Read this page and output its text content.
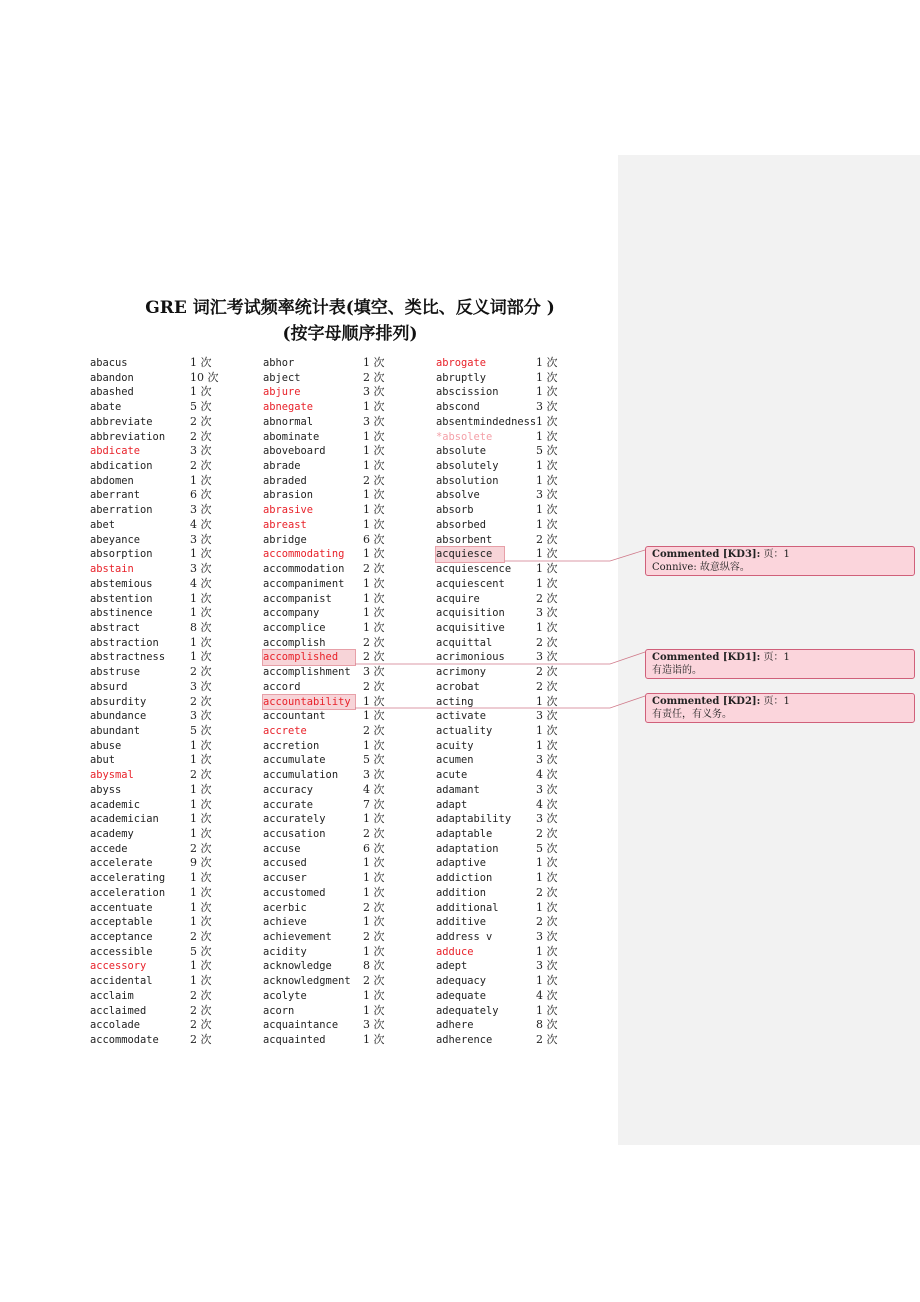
GRE 词汇考试频率统计表(填空、类比、反义词部分 )
(按字母顺序排列)
abacus	1 次
abandon	10 次
abashed	1 次
abate	5 次
abbreviate	2 次
abbreviation 2 次
abdicate	3 次
abdication	2 次
abdomen	1 次
aberrant	6 次
aberration	3 次
abet	4 次
abeyance	3 次
absorption	1 次
abstain	3 次
abstemious	4 次
abstention	1 次
abstinence	1 次
abstract	8 次
abstraction	1 次
abstractness 1 次
abstruse	2 次
absurd	3 次
absurdity	2 次
abundance	3 次
abundant	5 次
abuse	1 次
abut	1 次
abysmal	2 次
abyss	1 次
academic	1 次
academician	1 次
academy	1 次
accede	2 次
accelerate	9 次
accelerating 1 次
acceleration 1 次
accentuate	1 次
acceptable	1 次
acceptance	2 次
accessible	5 次
accessory	1 次
accidental	1 次
acclaim	2 次
acclaimed	2 次
accolade	2 次
accommodate	2 次
abhor	1 次
abject	2 次
abjure	3 次
abnegate	1 次
abnormal	3 次
abominate	1 次
aboveboard	1 次
abrade	1 次
abraded	2 次
abrasion	1 次
abrasive	1 次
abreast	1 次
abridge	6 次
accommodating 1 次
accommodation 2 次
accompaniment 1 次
accompanist	1 次
accompany	1 次
accomplice	1 次
accomplish	2 次
accomplished	2 次
accomplishment 3 次
accord	2 次
accountability	1 次
accountant	1 次
accrete	2 次
accretion	1 次
accumulate	5 次
accumulation 3 次
accuracy	4 次
accurate	7 次
accurately	1 次
accusation	2 次
accuse	6 次
accused	1 次
accuser	1 次
accustomed	1 次
acerbic	2 次
achieve	1 次
achievement	2 次
acidity	1 次
acknowledge	8 次
acknowledgment 2 次
acolyte	1 次
acorn	1 次
acquaintance 3 次
acquainted	1 次
abrogate	1 次
abruptly	1 次
abscission	1 次
abscond	3 次
absentmindedness 1 次
*absolete	1 次
absolute	5 次
absolutely	1 次
absolution	1 次
absolve	3 次
absorb	1 次
absorbed	1 次
absorbent	2 次
acquiesce	1 次
acquiescence 1 次
acquiescent	1 次
acquire	2 次
acquisition	3 次
acquisitive	1 次
acquittal	2 次
acrimonious	3 次
acrimony	2 次
acrobat	2 次
acting	1 次
activate	3 次
actuality	1 次
acuity	1 次
acumen	3 次
acute	4 次
adamant	3 次
adapt	4 次
adaptability 3 次
adaptable	2 次
adaptation	5 次
adaptive	1 次
addiction	1 次
addition	2 次
additional	1 次
additive	2 次
address v	3 次
adduce	1 次
adept	3 次
adequacy	1 次
adequate	4 次
adequately	1 次
adhere	8 次
adherence	2 次
Commented [KD3]: 页：1
Connive: 故意纵容。
Commented [KD1]: 页：1
有造诣的。
Commented [KD2]: 页：1
有责任，有义务。
